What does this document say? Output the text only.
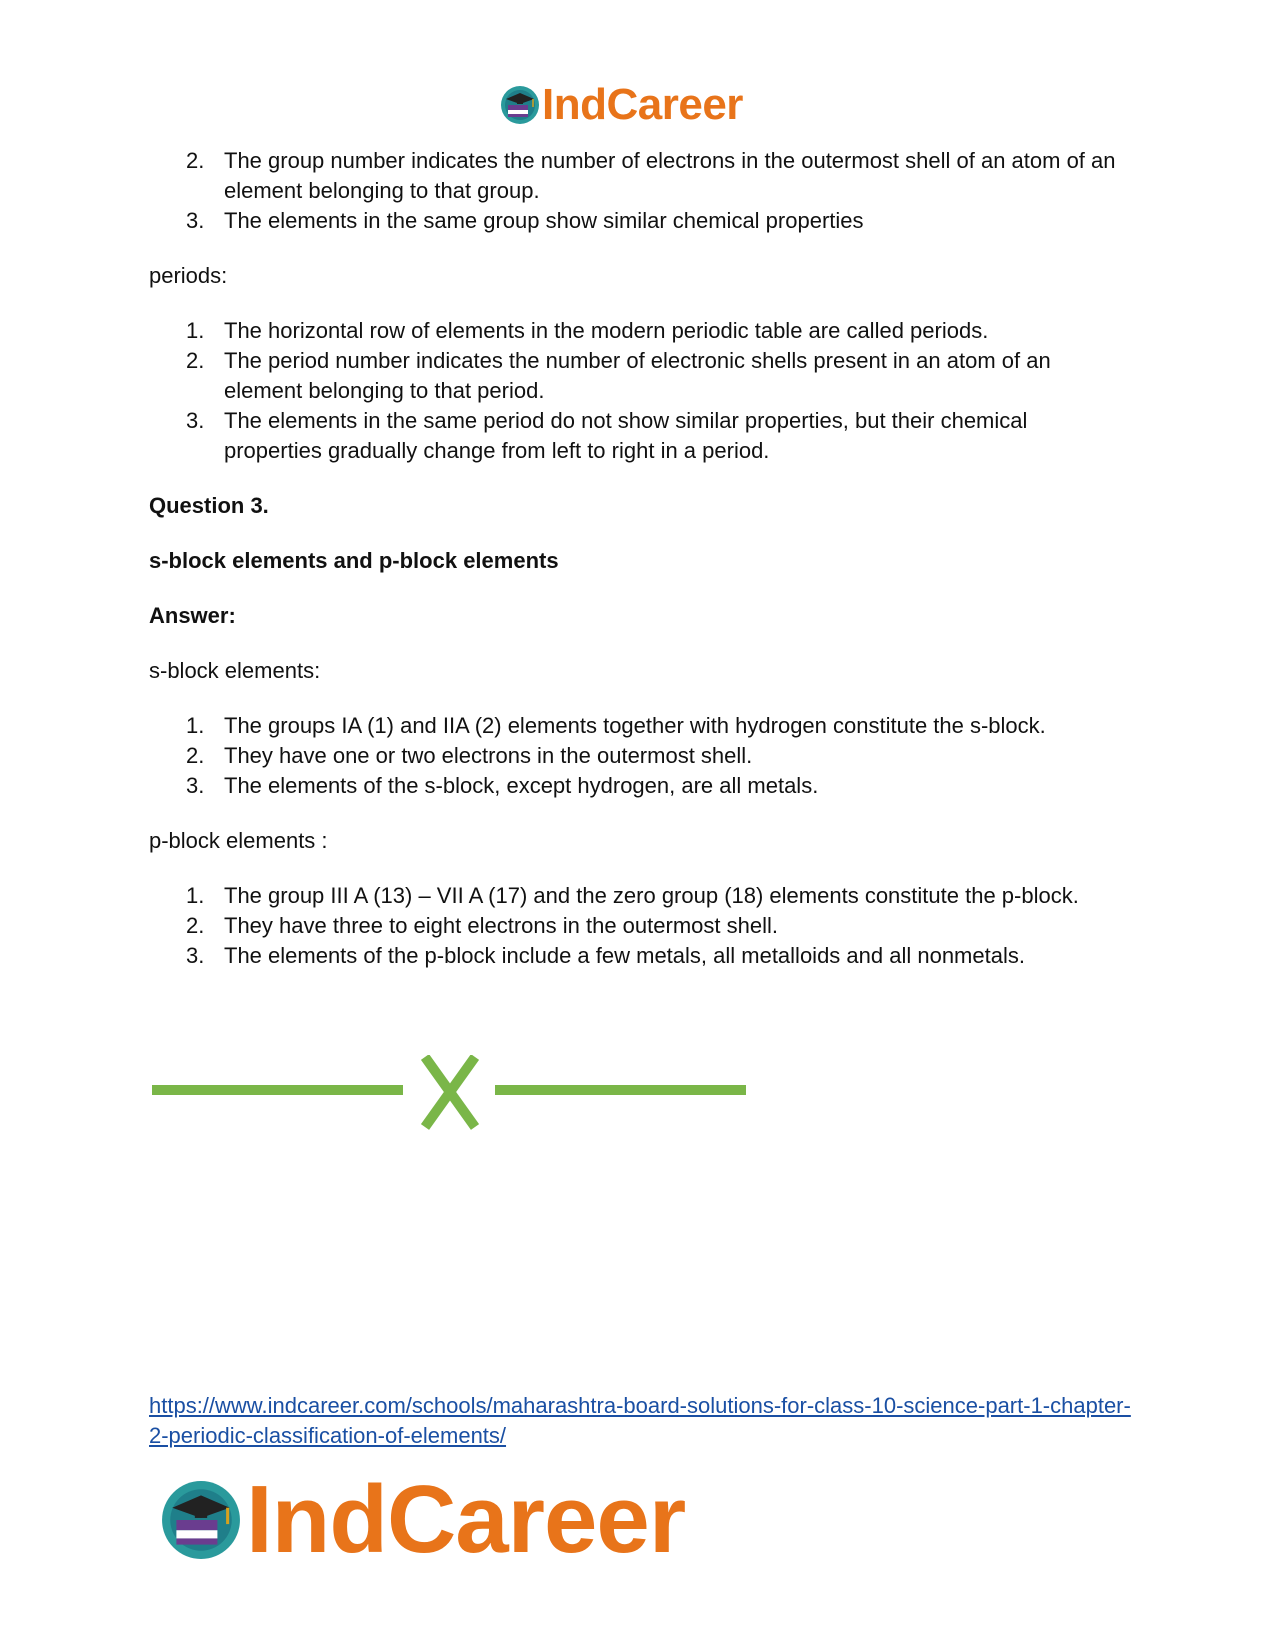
IndCareer
2. The group number indicates the number of electrons in the outermost shell of an atom of an element belonging to that group.
3. The elements in the same group show similar chemical properties

periods:

1. The horizontal row of elements in the modern periodic table are called periods.
2. The period number indicates the number of electronic shells present in an atom of an element belonging to that period.
3. The elements in the same period do not show similar properties, but their chemical properties gradually change from left to right in a period.

Question 3.

s-block elements and p-block elements

Answer:

s-block elements:

1. The groups IA (1) and IIA (2) elements together with hydrogen constitute the s-block.
2. They have one or two electrons in the outermost shell.
3. The elements of the s-block, except hydrogen, are all metals.

p-block elements :

1. The group III A (13) – VII A (17) and the zero group (18) elements constitute the p-block.
2. They have three to eight electrons in the outermost shell.
3. The elements of the p-block include a few metals, all metalloids and all nonmetals.
https://www.indcareer.com/schools/maharashtra-board-solutions-for-class-10-science-part-1-chapter-2-periodic-classification-of-elements/
IndCareer
